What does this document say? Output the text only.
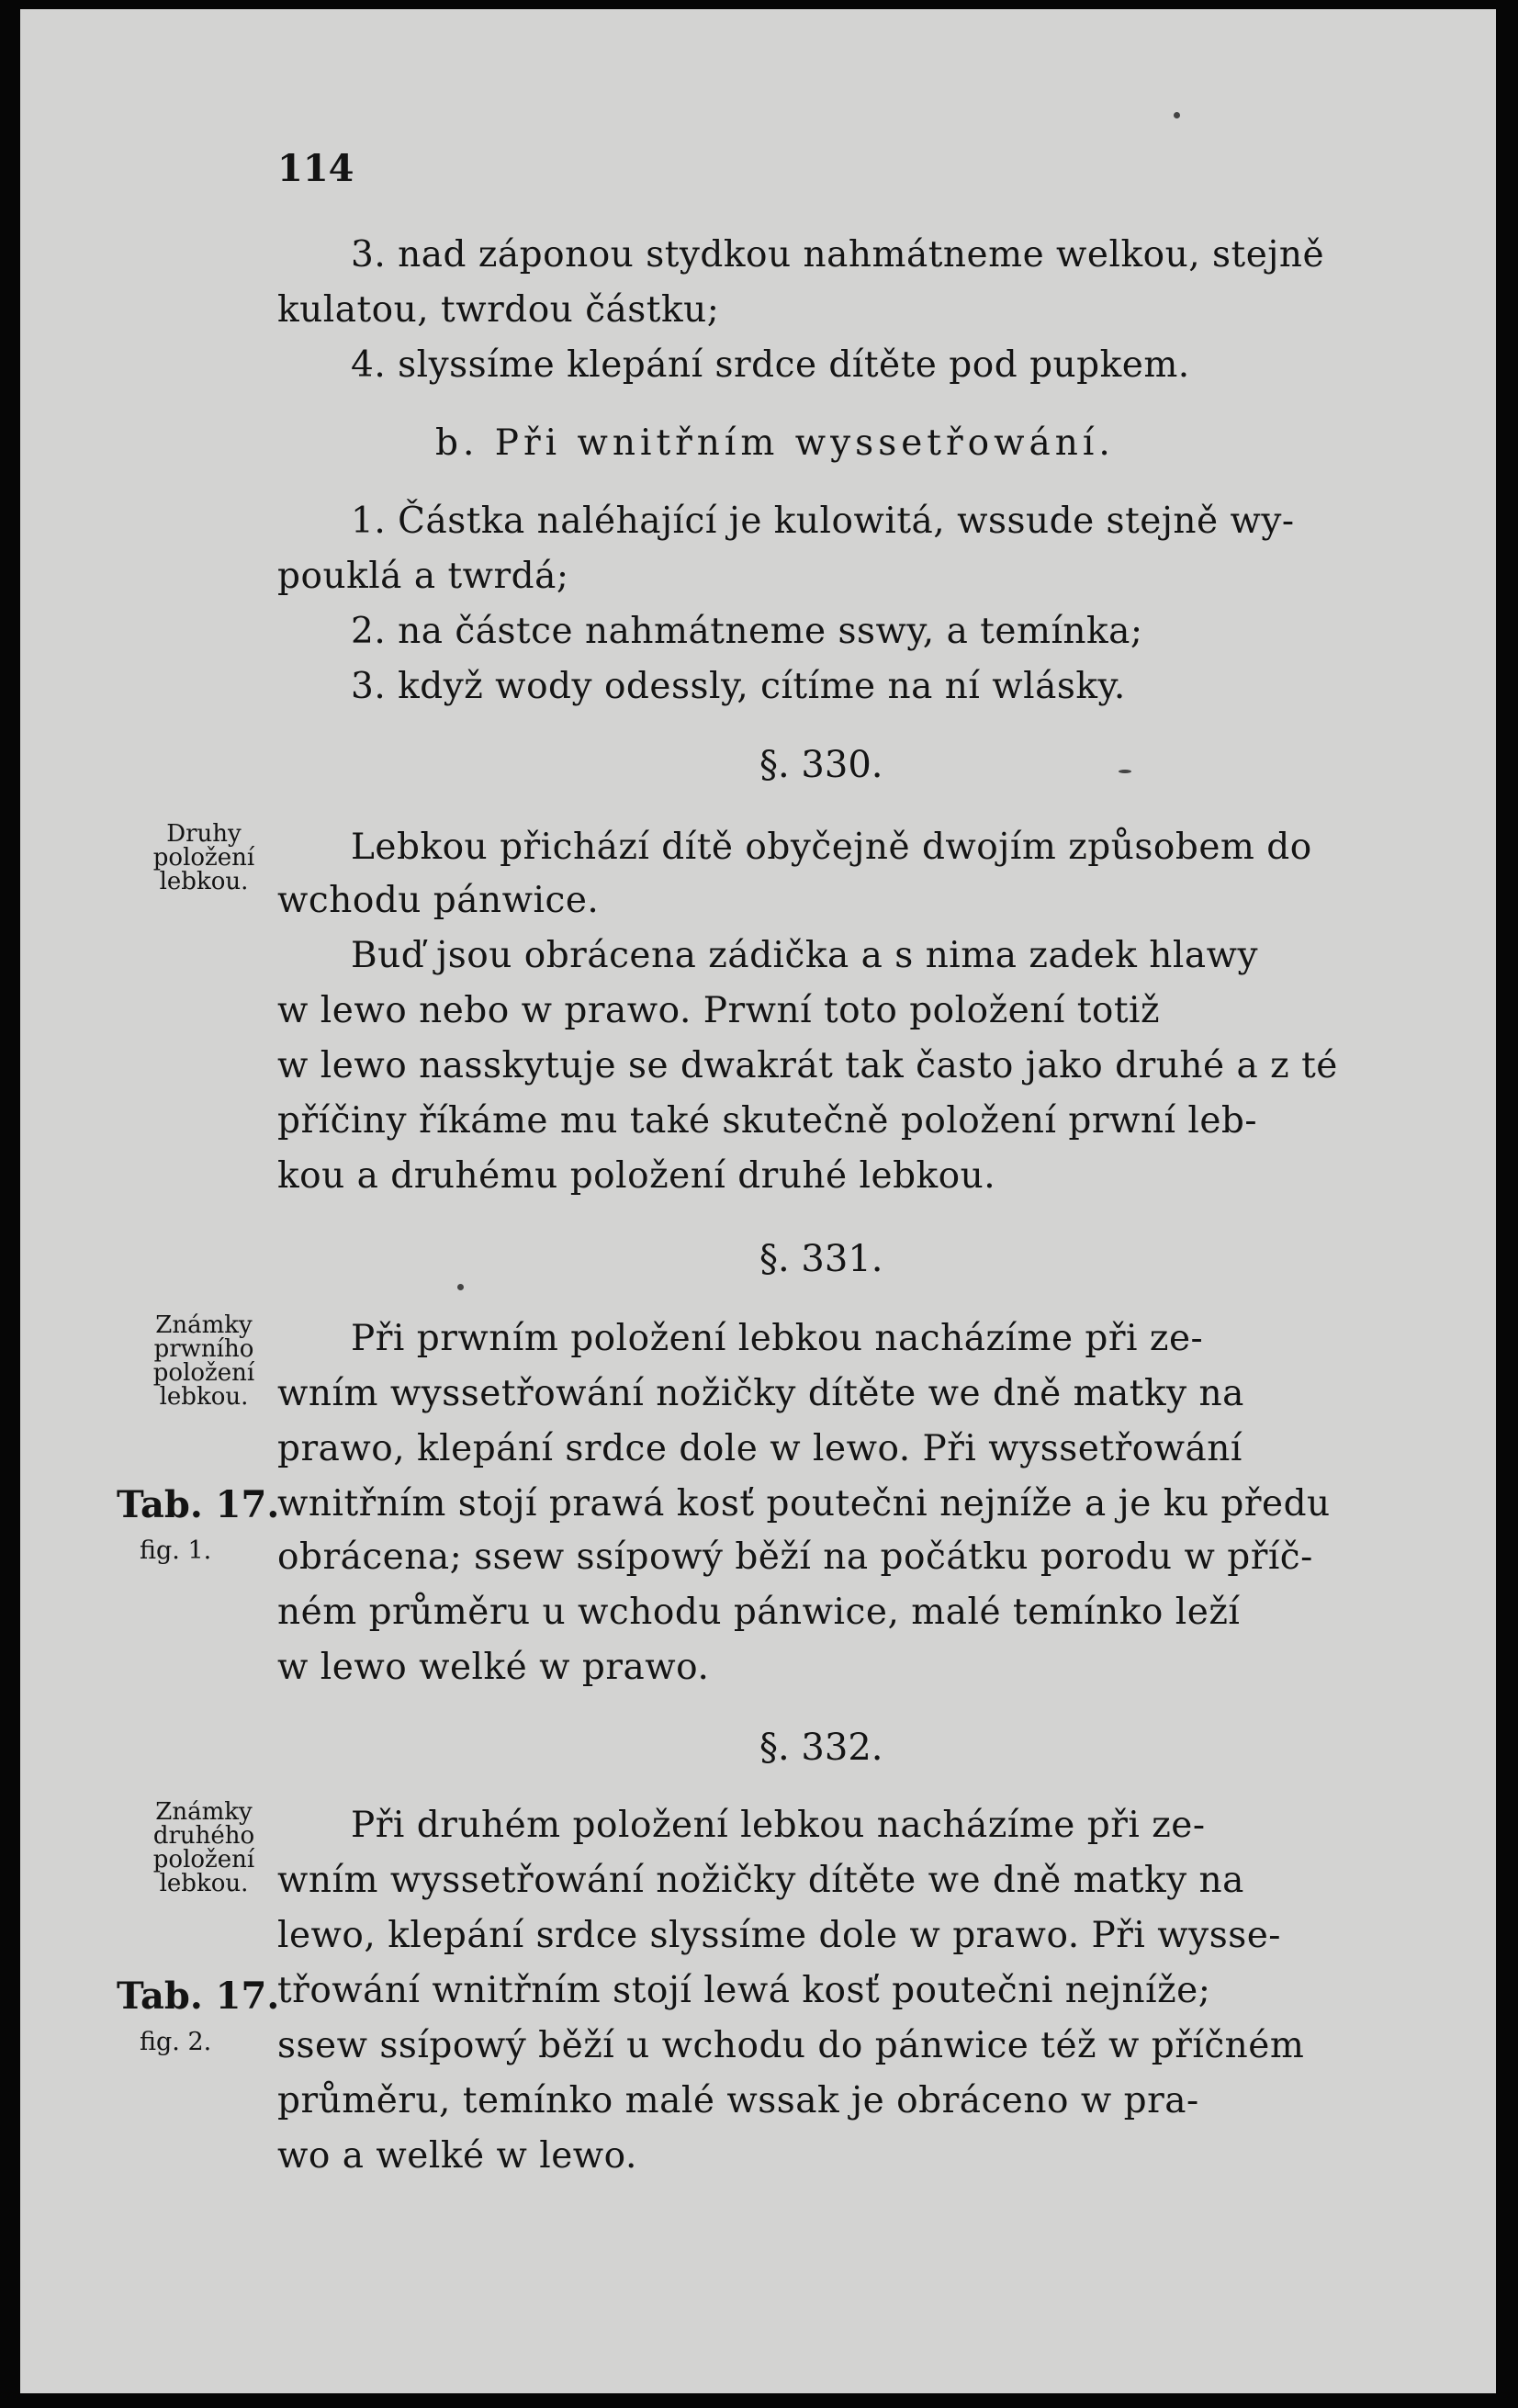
114
3. nad záponou stydkou nahmátneme welkou, stejně
kulatou, twrdou částku;
4. slyssíme klepání srdce dítěte pod pupkem.
b. Při wnitřním wyssetřowání.
1. Částka naléhající je kulowitá, wssude stejně wy-
pouklá a twrdá;
2. na částce nahmátneme sswy, a temínka;
3. když wody odessly, cítíme na ní wlásky.
§. 330.
Druhy položení lebkou.
Lebkou přichází dítě obyčejně dwojím způsobem do
wchodu pánwice.
Buď jsou obrácena zádička a s nima zadek hlawy
w lewo nebo w prawo. Prwní toto položení totiž
w lewo nasskytuje se dwakrát tak často jako druhé a z té
příčiny říkáme mu také skutečně položení prwní leb-
kou a druhému položení druhé lebkou.
§. 331.
Známky prwního položení lebkou.
Tab. 17.
fig. 1.
Při prwním položení lebkou nacházíme při ze-
wním wyssetřowání nožičky dítěte we dně matky na
prawo, klepání srdce dole w lewo. Při wyssetřowání
wnitřním stojí prawá kosť poutečni nejníže a je ku předu
obrácena; ssew ssípowý běží na počátku porodu w příč-
ném průměru u wchodu pánwice, malé temínko leží
w lewo welké w prawo.
§. 332.
Známky druhého položení lebkou.
Tab. 17.
fig. 2.
Při druhém položení lebkou nacházíme při ze-
wním wyssetřowání nožičky dítěte we dně matky na
lewo, klepání srdce slyssíme dole w prawo. Při wysse-
třowání wnitřním stojí lewá kosť poutečni nejníže;
ssew ssípowý běží u wchodu do pánwice též w příčném
průměru, temínko malé wssak je obráceno w pra-
wo a welké w lewo.
